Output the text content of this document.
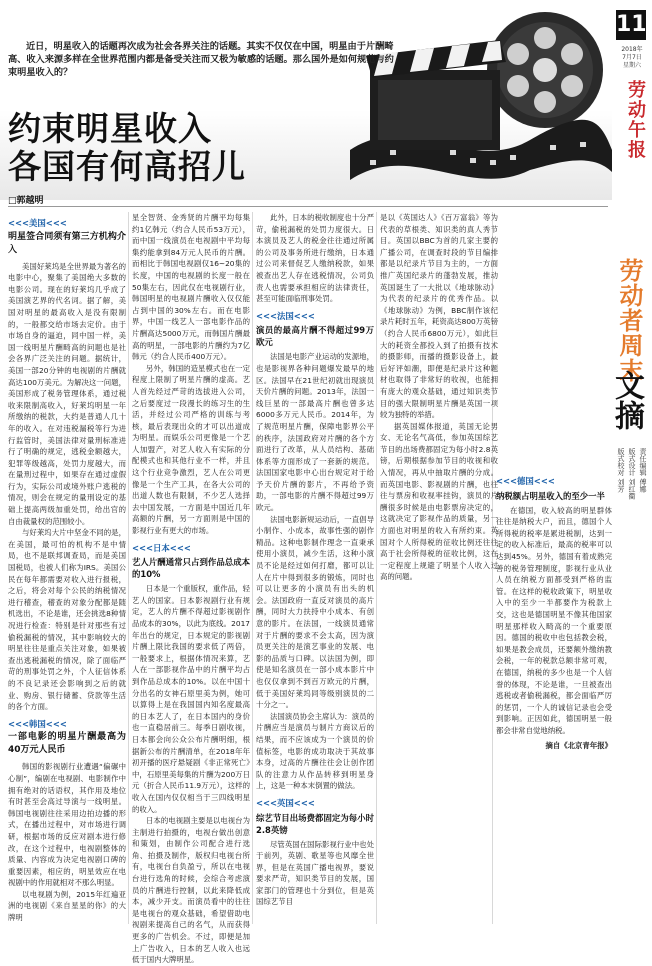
近日，明星收入的话题再次成为社会各界关注的话题。其实不仅仅在中国，明星由于片酬畸高、收入来源多样在全世界范围内都是备受关注而又极为敏感的话题。那么国外是如何规范与约束明星收入的？
约束明星收入
各国有何高招儿
□郭越明
<<<美国<<<
明星签合同须有第三方机构介入

美国好莱坞是全世界最为著名的电影中心，聚集了美国绝大多数的电影公司。现在的好莱坞几乎成了美国演艺界的代名词。据了解，美国对明星的最高收入是没有限制的，一般都交给市场去定价。由于市场自身的逼迫，同中国一样，美国一线明星片酬畸高的问题也是社会各界广泛关注的问题。据统计，美国一部20分钟的电视剧的片酬就高达100万美元。为解决这一问题，美国形成了税务管理体系，通过税收来限制高收入，好莱坞明星一年所缴纳的税款，大约是普通人几十年的收入。在对违税漏税等行为进行监管时，美国法律对量刑标准进行了明确的规定，逃税金额越大，犯罪等级越高，处罚力度越大，而在量刑过程中，如果存在通过虚假行为，实际公司或境外账户逃税的情况，则会在规定的量刑设定的基础上提高两级加重处罚，给出官的自由裁量权的范围较小。

与好莱坞大片中坚金不同的是，在美国，最可怕的机构不是中情局，也不是联邦调查局，而是美国国税局，也被人们称为IRS。美国公民在每年都需要对收入进行报税，之后，将会对每个公民的纳税情况进行稽查，稽查的对象分配都是随机选出，不论是谁，还会挑选8种情况进行检查：特别是针对那些有过偷税漏税的情况，其中影响较大的明星往往是重点关注对象，如果被查出逃税漏税的情况，除了面临严苛的刑事处罚之外，个人征信体系的不良记录还会影响到之后的就业、购房、银行储蓄、贷款等生活的各个方面。

<<<韩国<<<
一部电影的明星片酬最高为40万元人民币

韩国的影视剧行业遭遇“偏碾中心制”，编剧在电视剧、电影制作中拥有绝对的话语权，其作用及地位有时甚至会高过导演与一线明星。韩国电视剧往往采用边拍边播的形式，在播出过程中，对市场进行调研，根据市场的反应对剧本进行修改，在这个过程中，电视剧整体的质量、内容成为决定电视剧口碑的重要因素，相应的，明星效应在电视剧中的作用就相对不那么明显。

以电视剧为例，2015年红遍亚洲的电视剧《来自星星的你》的大牌明

星全智贤、金秀贤的片酬平均每集约1亿韩元（约合人民币53万元），而中国一线演员在电视剧中平均每集约能拿到84万元人民币的片酬。而相比于韩国电视剧仅16~20集的长度，中国的电视剧的长度一般在50集左右，因此仅在电视剧行业，韩国明星的电视剧片酬收入仅仅能占到中国的30%左右。而在电影界，中国一线艺人一部电影作品的片酬高达5000万元，而韩国片酬最高的明星，一部电影的片酬约为7亿韩元（约合人民币400万元）。

另外，韩国的造星模式也在一定程度上限制了明星片酬的虚高。艺人首先经过严苛的选拔进入公司，之后要度过一段漫长的练习生的生活，并经过公司严格的训练与考核，最后表现出众的才可以出道成为明星。而娱乐公司更像是一个艺人加盟产，对艺人收入有实际的分配模式也和其他行业不一样，并且这个行业竞争激烈，艺人在公司更像是一个生产工具，在各大公司的出道人数也有限制，不少艺人选择去中国发展，一方面是中国近几年高额的片酬，另一方面则是中国的影视行业有更大的市场。

<<<日本<<<
艺人片酬通常只占到作品总成本的10%

日本是一个重版权，重作品，轻艺人的国家。日本影视剧行业有规定，艺人的片酬不得超过影视剧作品成本的30%，以此为底线。2017年出台的规定，日本规定的影视剧片酬上限比我国的要求低了两倍，一般要求上，根据体情况来算，艺人在一部影视作品中的片酬平均占到作品总成本的10%。以在中国十分出名的女神石原里美为例，她可以算得上是在我国国内知名度最高的日本艺人了，在日本国内的身价也一直稳居前三。每季日剧收视，日本都会向公众公布片酬明细，根据新公布的片酬清单，在2018年年初开播的医疗悬疑剧《非正常死亡》中，石原里美每集的片酬为200万日元（折合人民币11.9万元），这样的收入在国内仅仅相当于三四线明星的收入。

日本的电视剧主要是以电视台为主制进行拍摄的，电视台做出创意和策划，由制作公司配合进行选角、拍摄及制作，版权归电视台所有，电视台自负盈亏，所以在电视台进行选角的时候，会综合考虑演员的片酬进行控制，以此来降低成本，减少开支。而演员看中的往往是电视台的观众基础，希望借助电视剧来提高自己的名气，从而获得更多的广告机会。不过，即便是加上广告收入，日本的艺人收入也远低于国内大牌明星。

此外，日本的税收制度也十分严苛，偷税漏税的处罚力度很大。日本演员及艺人的税金往往通过所属的公司及事务所进行缴纳，日本通过公司来督促艺人缴纳税款，如果被查出艺人存在逃税情况，公司负责人也需要承担相应的法律责任，甚至可能面临刑事处罚。

<<<法国<<<
演员的最高片酬不得超过99万欧元

法国是电影产业运动的发源地，也是影视界各种问题爆发最早的地区。法国早在21世纪初就出现演员天价片酬的问题。2013年，法国一线巨星的一部最高片酬也曾多达6000多万元人民币。2014年，为了规范明星片酬，保障电影界公平的秩序，法国政府对片酬的各个方面进行了改革，从人员结构、基础体系等方面形成了一套新的规范。法国国家电影中心出台规定对于给予天价片酬的影片，不再给予资助，一部电影的片酬不得超过99万欧元。

法国电影新规运动后，一直倡导小制作、小成本，故事性强的剧作精品。这种电影制作理念一直秉承使用小演员，减少生活，这种小演员不论是经过如何打磨，都可以让人在片中得到很多的锻炼，同时也可以让更多的小演员有出头的机会。法国政府一直反对演员的高片酬，同时大力扶持中小成本、有创意的影片。在法国，一线演员通常对于片酬的要求不会太高，因为演员更关注的是演艺事业的发展、电影的品质与口碑。以法国为例，即使是知名演员在一部小成本影片中也仅仅拿到不到百万欧元的片酬，低于美国好莱坞同等级别演员的二十分之一。

法国演员协会主席认为：演员的片酬应当是演员与制片方商议后的结果，而不应该成为一个演员的价值标签，电影的成功取决于其故事本身，过高的片酬往往会让创作团队的注意力从作品转移到明星身上，这是一种本末倒置的做法。

<<<英国<<<
综艺节目出场费都固定为每小时2.8英镑

尽管英国在国际影视行业中也处于前列，英剧、歌星等也风靡全世界，但是在英国广播电视界，要说要求严苛，知识类节目的发展，国家部门的管理也十分到位，但是英国综艺节目

是以《英国达人》《百万富翁》等为代表的草根类、知识类的真人秀节目。英国以BBC为首的几家主要的广播公司，在调查时段的节目编排都是以纪录片节目为主的，一方面推广英国纪录片的蓬勃发展，推动英国诞生了一大批以《地球脉动》为代表的纪录片的优秀作品。以《地球脉动》为例，BBC制作该纪录片耗时五年，耗资高达800万英镑（约合人民币6800万元），如此巨大的耗资全都投入到了拍摄有技术的摄影师，而播的摄影设备上，最后好评如潮，即便是纪录片这种题材也取得了非常好的收视，也能拥有庞大的观众基础，通过知识类节目的强大限制明星片酬是英国一项较为独特的举措。

据英国媒体报道，英国无论男女、无论名气高低，参加英国综艺节目的出场费都固定为每小时2.8英镑，后期根据参加节目的收视和收入情况，再从中抽取片酬的分成。而英国电影、影视剧的片酬，也往往与票房和收视率挂钩，演员的片酬很多时候是由电影票房决定的，这就决定了影视作品的质量，另一方面也对明星的收入有所约束。英国对个人所得税的征收比例还往往高于社会所得税的征收比例，这在一定程度上规避了明星个人收入过高的问题。

<<<德国<<<
纳税额占明星收入的至少一半

在德国，收入较高的明星群体往往是纳税大户，而且，德国个人所得税的税率是累进税制，达到一定的收入标准后，最高的税率可以达到45%。另外，德国有着成熟完善的税务管理制度，影视行业从业人员在纳税方面都受到严格的监管。在这样的税收政策下，明星收入中的至少一半都要作为税款上交，这也是德国明星不像其他国家明星那样收入畸高的一个重要原因。德国的税收中也包括教会税，如果是教会成员，还要额外缴纳教会税，一年的税款总额非常可观，在德国，纳税的多少也是一个人信誉的体现，不论是谁，一旦被查出逃税或者偷税漏税，都会面临严厉的惩罚，一个人的诚信记录也会受到影响。正因如此，德国明星一般都会非常自觉地纳税。

摘自《北京青年报》
11
2018年
7月7日
星期六
劳动午报
劳动者周末
文摘
责任编辑 傅娜
版式设计 刘红衢
版式校对 刘芳
